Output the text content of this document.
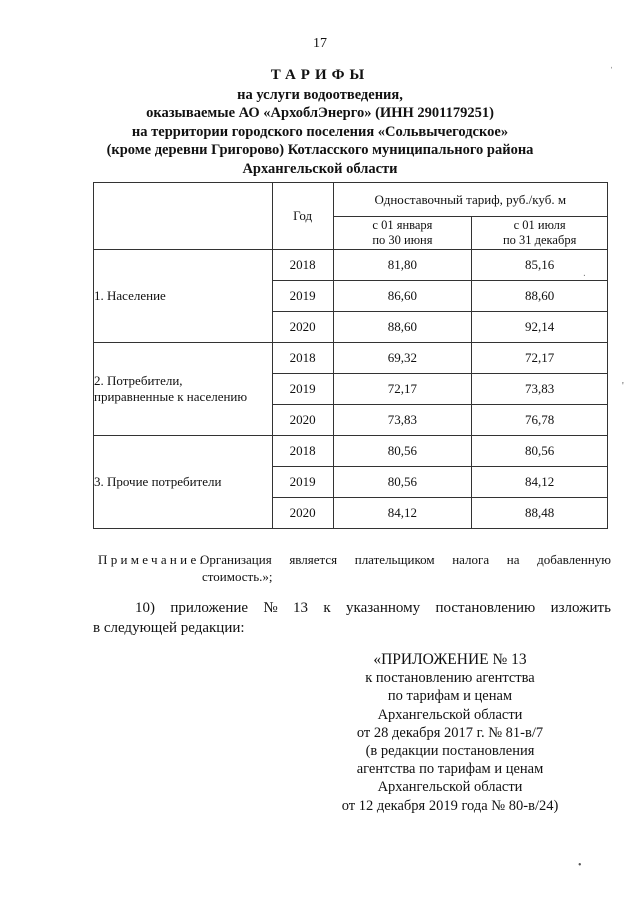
17
ТАРИФЫ
на услуги водоотведения,
оказываемые АО «АрхоблЭнерго» (ИНН 2901179251)
на территории городского поселения «Сольвычегодское»
(кроме деревни Григорово) Котласского муниципального района
Архангельской области
	Год	Одноставочный тариф, руб./куб. м	
		с 01 января
по 30 июня	с 01 июля
по 31 декабря
1. Население	2018	81,80	85,16
	2019	86,60	88,60
	2020	88,60	92,14
2. Потребители,
приравненные к населению	2018	69,32	72,17
	2019	72,17	73,83
	2020	73,83	76,78
3. Прочие потребители	2018	80,56	80,56
	2019	80,56	84,12
	2020	84,12	88,48
Примечание.
Организация является плательщиком налога на добавленную
стоимость.»;
10) приложение № 13 к указанному постановлению изложить
в следующей редакции:
«ПРИЛОЖЕНИЕ № 13
к постановлению агентства
по тарифам и ценам
Архангельской области
от 28 декабря 2017 г. № 81-в/7
(в редакции постановления
агентства по тарифам и ценам
Архангельской области
от 12 декабря 2019 года № 80-в/24)
ˌ
ˑ
'
•
